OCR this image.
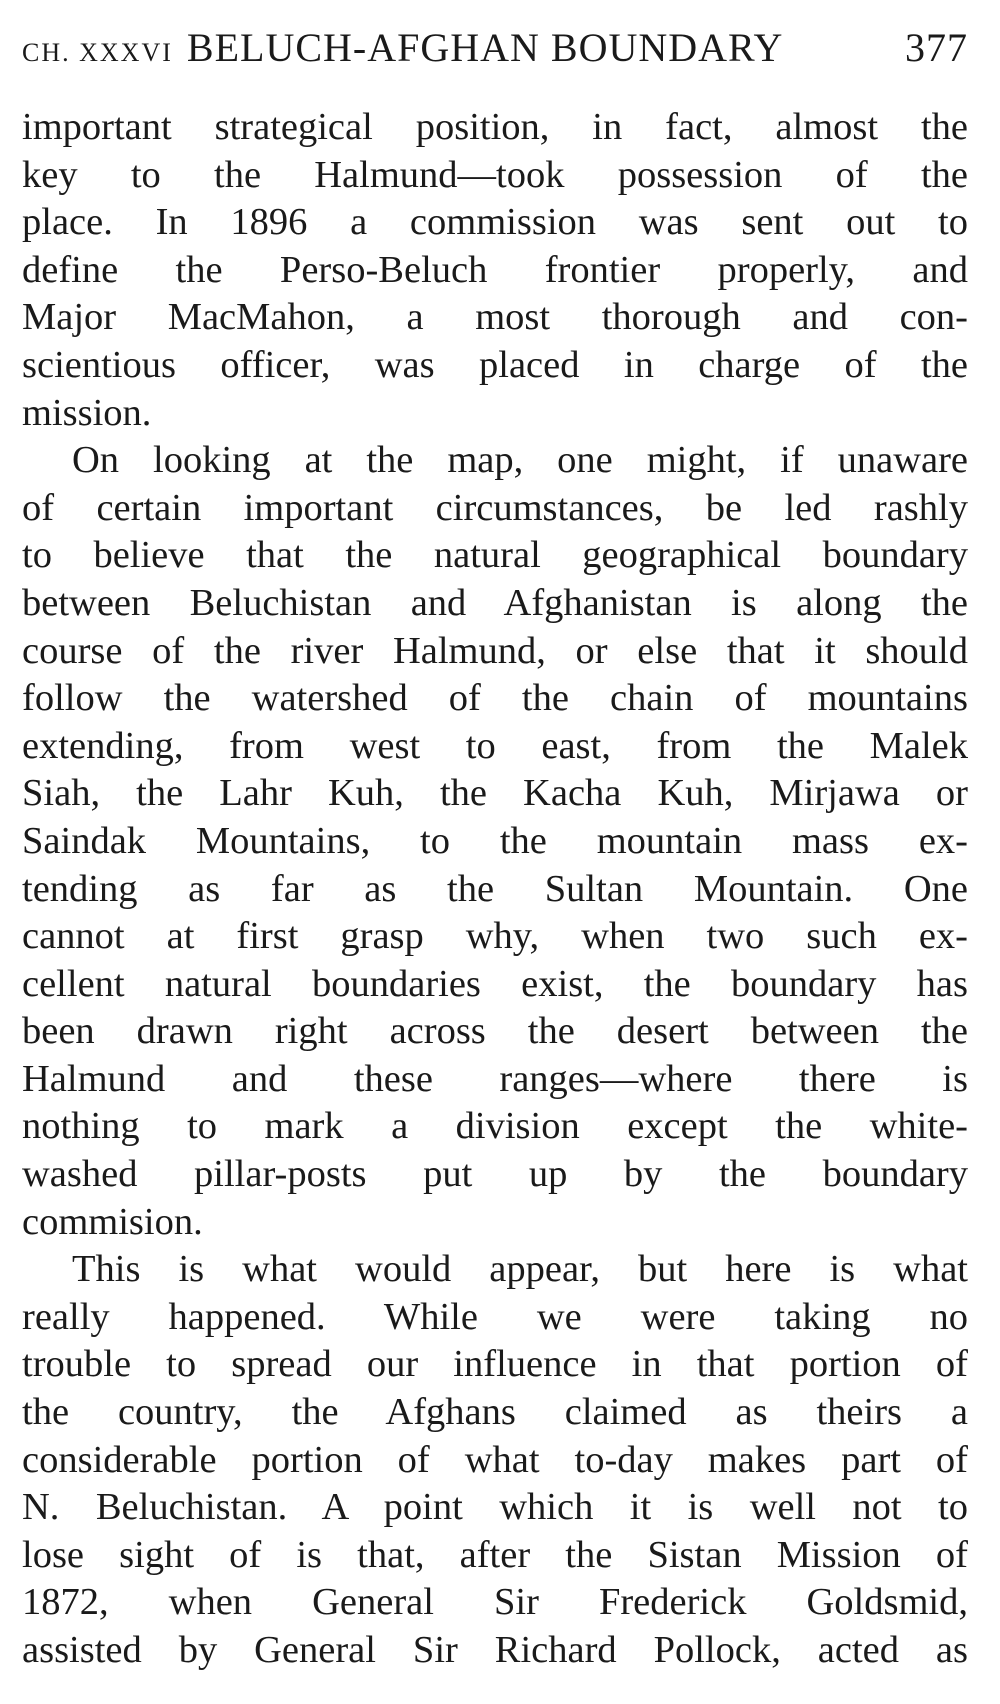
CH. XXXVI BELUCH-AFGHAN BOUNDARY	377
important strategical position, in fact, almost the
key to the Halmund—took possession of the
place. In 1896 a commission was sent out to
define the Perso-Beluch frontier properly, and
Major MacMahon, a most thorough and con-
scientious officer, was placed in charge of the
mission.
On looking at the map, one might, if unaware
of certain important circumstances, be led rashly
to believe that the natural geographical boundary
between Beluchistan and Afghanistan is along the
course of the river Halmund, or else that it should
follow the watershed of the chain of mountains
extending, from west to east, from the Malek
Siah, the Lahr Kuh, the Kacha Kuh, Mirjawa or
Saindak Mountains, to the mountain mass ex-
tending as far as the Sultan Mountain. One
cannot at first grasp why, when two such ex-
cellent natural boundaries exist, the boundary has
been drawn right across the desert between the
Halmund and these ranges—where there is
nothing to mark a division except the white-
washed pillar-posts put up by the boundary
commision.
This is what would appear, but here is what
really happened. While we were taking no
trouble to spread our influence in that portion of
the country, the Afghans claimed as theirs a
considerable portion of what to-day makes part of
N. Beluchistan. A point which it is well not to
lose sight of is that, after the Sistan Mission of
1872, when General Sir Frederick Goldsmid,
assisted by General Sir Richard Pollock, acted as
